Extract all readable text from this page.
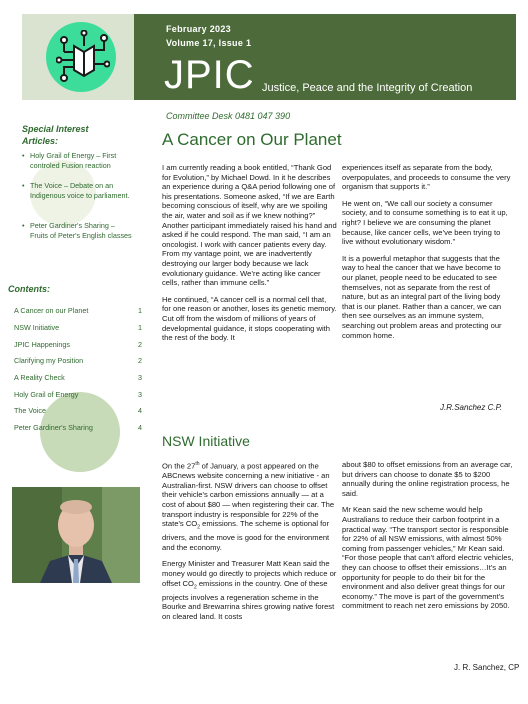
February 2023
Volume 17, Issue 1
JPIC Justice, Peace and the Integrity of Creation
Committee Desk 0481 047 390
Special Interest Articles:
• Holy Grail of Energy – First controled Fusion reaction
• The Voice – Debate on an Indigenous voice to parliament.
• Peter Gardiner's Sharing – Fruits of Peter's English classes
Contents:
A Cancer on our Planet	1
NSW Initiative	1
JPIC Happenings	2
Clarifying my Position	2
A Reality Check	3
Holy Grail of Energy	3
The Voice	4
Peter Gardiner's Sharing	4
A Cancer on Our Planet

I am currently reading a book entitled, “Thank God for Evolution,” by Michael Dowd. In it he describes an experience during a Q&A period following one of his presentations. Someone asked, “If we are Earth becoming conscious of itself, why are we spoiling the air, water and soil as if we knew nothing?” Another participant immediately raised his hand and asked if he could respond. The man said, “I am an oncologist. I work with cancer patients every day. From my vantage point, we are inadvertently destroying our larger body because we lack evolutionary guidance. We’re acting like cancer cells, rather than immune cells.”

He continued, “A cancer cell is a normal cell that, for one reason or another, loses its genetic memory. Cut off from the wisdom of millions of years of developmental guidance, it stops cooperating with the rest of the body. It

experiences itself as separate from the body, overpopulates, and proceeds to consume the very organism that supports it.”

He went on, “We call our society a consumer society, and to consume something is to eat it up, right? I believe we are consuming the planet because, like cancer cells, we’ve been trying to live without evolutionary wisdom.”

It is a powerful metaphor that suggests that the way to heal the cancer that we have become to our planet, people need to be educated to see themselves, not as separate from the rest of nature, but as an integral part of the living body that is our planet. Rather than a cancer, we can then see ourselves as an immune system, searching out problem areas and protecting our common home.

J.R.Sanchez C.P.
NSW Initiative

On the 27th of January, a post appeared on the ABCnews website concerning a new initiative - an Australian-first. NSW drivers can choose to offset their vehicle's carbon emissions annually — at a cost of about $80 — when registering their car. The transport industry is responsible for 22% of the state's $CO_2$ emissions. The scheme is optional for drivers, and the move is good for the environment and the economy.

Energy Minister and Treasurer Matt Kean said the money would go directly to projects which reduce or offset $CO_2$ emissions in the country. One of these projects involves a regeneration scheme in the Bourke and Brewarrina shires growing native forest on cleared land. It costs

about $80 to offset emissions from an average car, but drivers can choose to donate $5 to $200 annually during the online registration process, he said.

Mr Kean said the new scheme would help Australians to reduce their carbon footprint in a practical way. “The transport sector is responsible for 22% of all NSW emissions, with almost 50% coming from passenger vehicles,” Mr Kean said. “For those people that can't afford electric vehicles, they can choose to offset their emissions…It's an opportunity for people to do their bit for the environment and also deliver great things for our economy.” The move is part of the government’s commitment to reach net zero emissions by 2050.

J. R. Sanchez, CP
